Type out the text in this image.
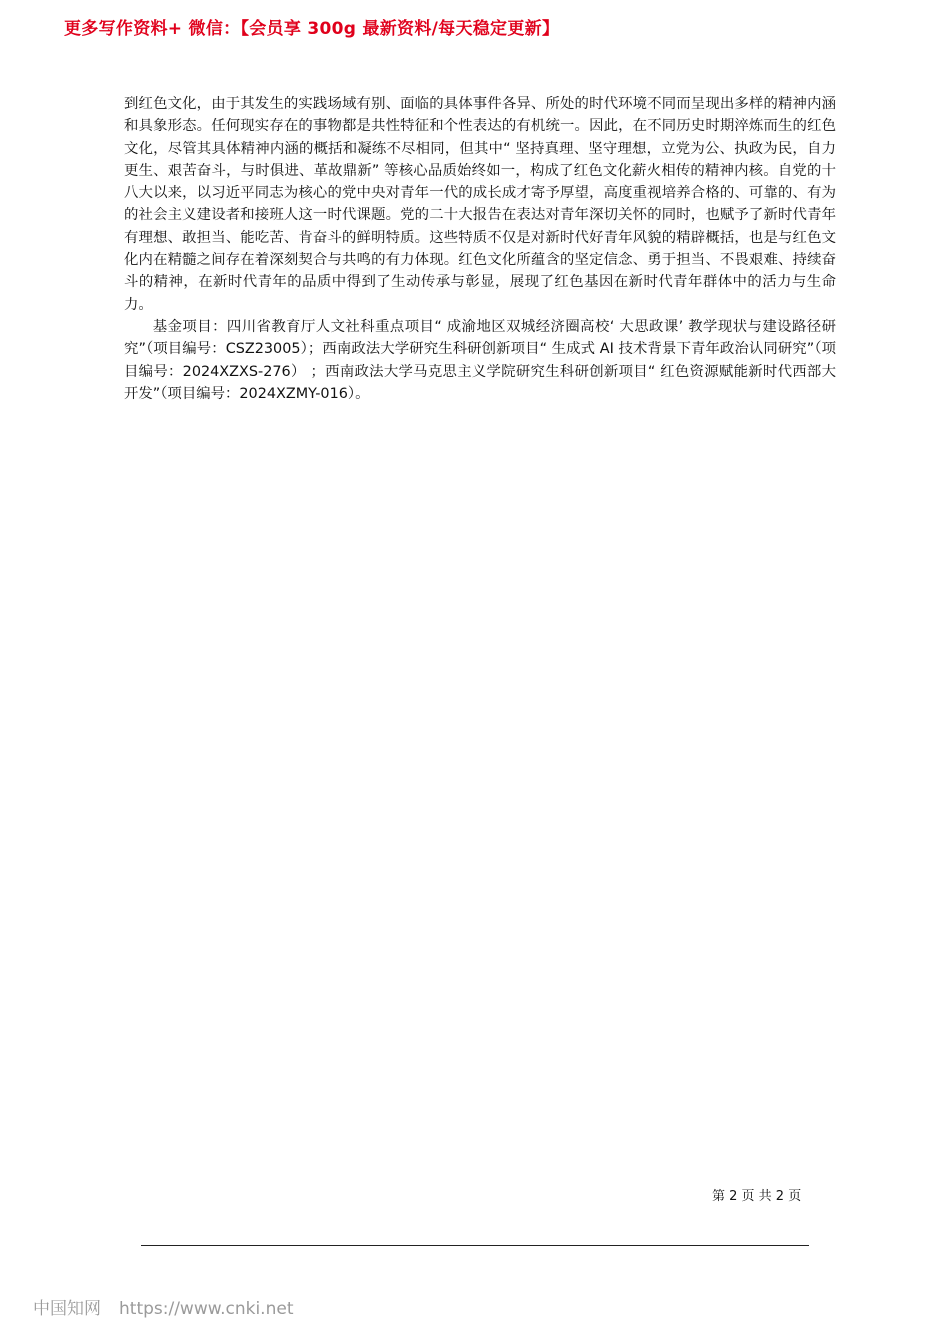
更多写作资料+ 微信：【会员享 300g 最新资料/每天稳定更新】

到红色文化，由于其发生的实践场域有别、面临的具体事件各异、所处的时代环境不同而呈现出多样的精神内涵和具象形态。任何现实存在的事物都是共性特征和个性表达的有机统一。因此，在不同历史时期淬炼而生的红色文化，尽管其具体精神内涵的概括和凝练不尽相同，但其中“ 坚持真理、坚守理想，立党为公、执政为民，自力更生、艰苦奋斗，与时俱进、革故鼎新” 等核心品质始终如一，构成了红色文化薪火相传的精神内核。自党的十八大以来，以习近平同志为核心的党中央对青年一代的成长成才寄予厚望，高度重视培养合格的、可靠的、有为的社会主义建设者和接班人这一时代课题。党的二十大报告在表达对青年深切关怀的同时，也赋予了新时代青年有理想、敢担当、能吃苦、肯奋斗的鲜明特质。这些特质不仅是对新时代好青年风貌的精辟概括，也是与红色文化内在精髓之间存在着深刻契合与共鸣的有力体现。红色文化所蕴含的坚定信念、勇于担当、不畏艰难、持续奋斗的精神，在新时代青年的品质中得到了生动传承与彰显，展现了红色基因在新时代青年群体中的活力与生命力。

基金项目：四川省教育厅人文社科重点项目“ 成渝地区双城经济圈高校‘ 大思政课’ 教学现状与建设路径研究”（项目编号：CSZ23005）；西南政法大学研究生科研创新项目“ 生成式 AI 技术背景下青年政治认同研究”（项目编号：2024XZXS-276） ；西南政法大学马克思主义学院研究生科研创新项目“ 红色资源赋能新时代西部大开发”（项目编号：2024XZMY-016）。

第 2 页 共 2 页
中国知网 https://www.cnki.net
